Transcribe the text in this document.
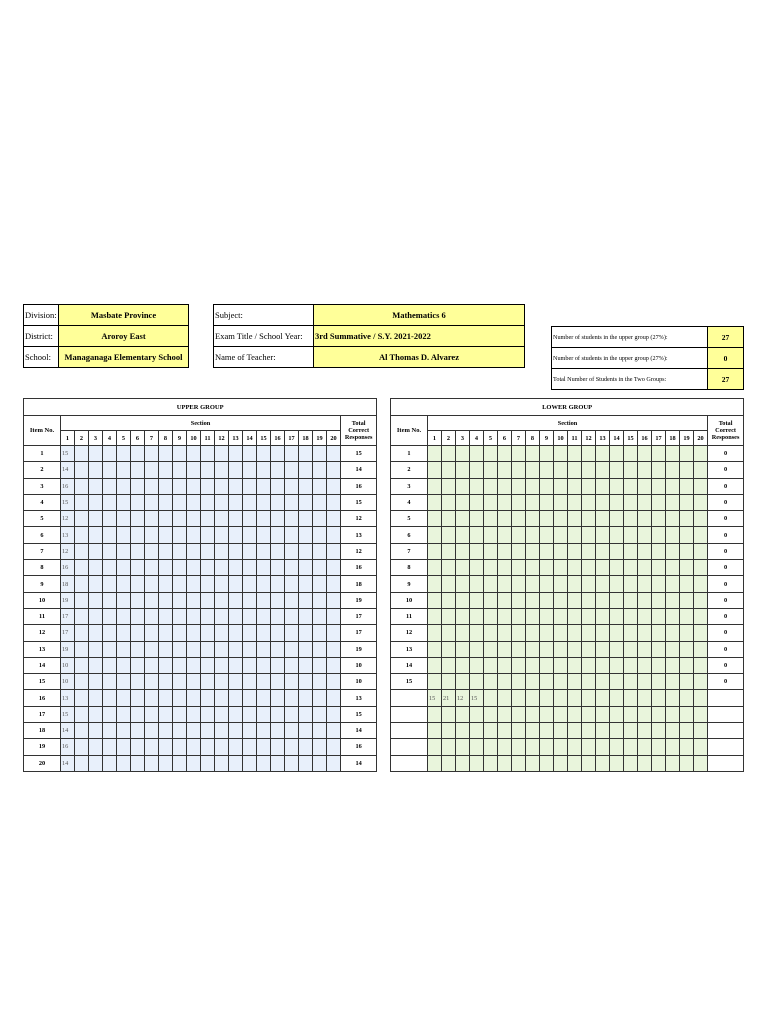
Division:	Masbate Province
District:	Aroroy East
School:	Managanaga Elementary School
Subject:	Mathematics 6
Exam Title / School Year:	3rd Summative / S.Y. 2021-2022
Name of Teacher:	Al Thomas D. Alvarez
Number of students in the upper group (27%):	27
Number of students in the upper group (27%):	0
Total Number of Students in the Two Groups:	27
UPPER GROUP																					
Item No.	Section																				Total Correct Responses
	1	2	3	4	5	6	7	8	9	10	11	12	13	14	15	16	17	18	19	20	
1	15																				15
2	14																				14
3	16																				16
4	15																				15
5	12																				12
6	13																				13
7	12																				12
8	16																				16
9	18																				18
10	19																				19
11	17																				17
12	17																				17
13	19																				19
14	10																				10
15	10																				10
16	13																				13
17	15																				15
18	14																				14
19	16																				16
20	14																				14
LOWER GROUP																					
Item No.	Section																				Total Correct Responses
	1	2	3	4	5	6	7	8	9	10	11	12	13	14	15	16	17	18	19	20	
1																					0
2																					0
3																					0
4																					0
5																					0
6																					0
7																					0
8																					0
9																					0
10																					0
11																					0
12																					0
13																					0
14																					0
15																					0
	15	21	12	15																	
